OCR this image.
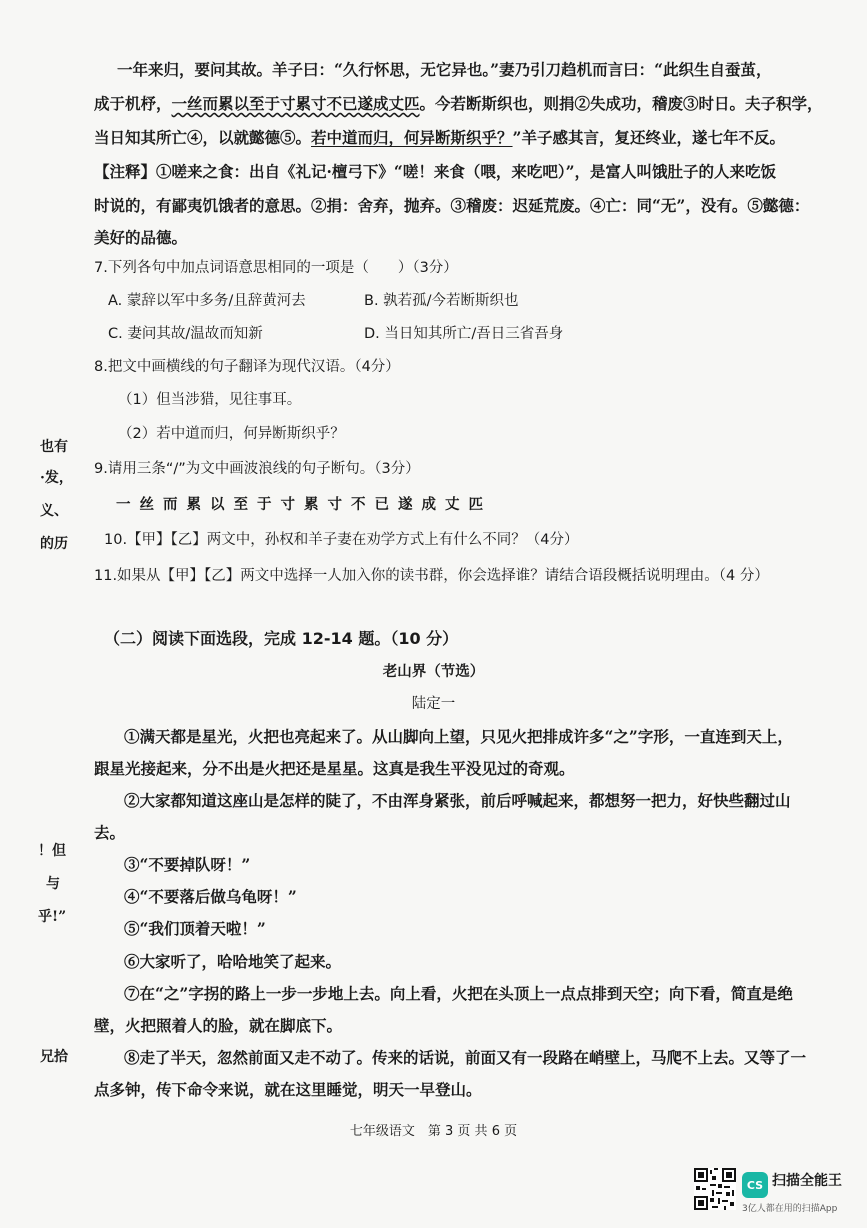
一年来归，要问其故。羊子曰：“久行怀思，无它异也。”妻乃引刀趋机而言曰：“此织生自蚕茧，
成于机杼，一丝而累以至于寸累寸不已遂成丈匹。今若断斯织也，则捐②失成功，稽废③时日。夫子积学，
当日知其所亡④，以就懿德⑤。若中道而归，何异断斯织乎？”羊子感其言，复还终业，遂七年不反。
【注释】①嗟来之食：出自《礼记·檀弓下》“嗟！来食（喂，来吃吧）”，是富人叫饿肚子的人来吃饭
时说的，有鄙夷饥饿者的意思。②捐：舍弃，抛弃。③稽废：迟延荒废。④亡：同“无”，没有。⑤懿德：
美好的品德。
7.下列各句中加点词语意思相同的一项是（　　）（3分）
A. 蒙辞以军中多务/且辞黄河去	B. 孰若孤/今若断斯织也
C. 妻问其故/温故而知新	D. 当日知其所亡/吾日三省吾身
8.把文中画横线的句子翻译为现代汉语。（4分）
（1）但当涉猎，见往事耳。
（2）若中道而归，何异断斯织乎？
9.请用三条“/”为文中画波浪线的句子断句。（3分）
一丝而累以至于寸累寸不已遂成丈匹
10.【甲】【乙】两文中，孙权和羊子妻在劝学方式上有什么不同？（4分）
11.如果从【甲】【乙】两文中选择一人加入你的读书群，你会选择谁？请结合语段概括说明理由。（4 分）
（二）阅读下面选段，完成 12-14 题。（10 分）
老山界（节选）
陆定一
①满天都是星光，火把也亮起来了。从山脚向上望，只见火把排成许多“之”字形，一直连到天上，
跟星光接起来，分不出是火把还是星星。这真是我生平没见过的奇观。
②大家都知道这座山是怎样的陡了，不由浑身紧张，前后呼喊起来，都想努一把力，好快些翻过山
去。
③“不要掉队呀！”
④“不要落后做乌龟呀！”
⑤“我们顶着天啦！”
⑥大家听了，哈哈地笑了起来。
⑦在“之”字拐的路上一步一步地上去。向上看，火把在头顶上一点点排到天空；向下看，简直是绝
壁，火把照着人的脸，就在脚底下。
⑧走了半天，忽然前面又走不动了。传来的话说，前面又有一段路在峭壁上，马爬不上去。又等了一
点多钟，传下命令来说，就在这里睡觉，明天一早登山。
也有
·发，
义、
的历
！但
与
乎!”
兄拾
七年级语文　第 3 页 共 6 页
CS 扫描全能王
3亿人都在用的扫描App
